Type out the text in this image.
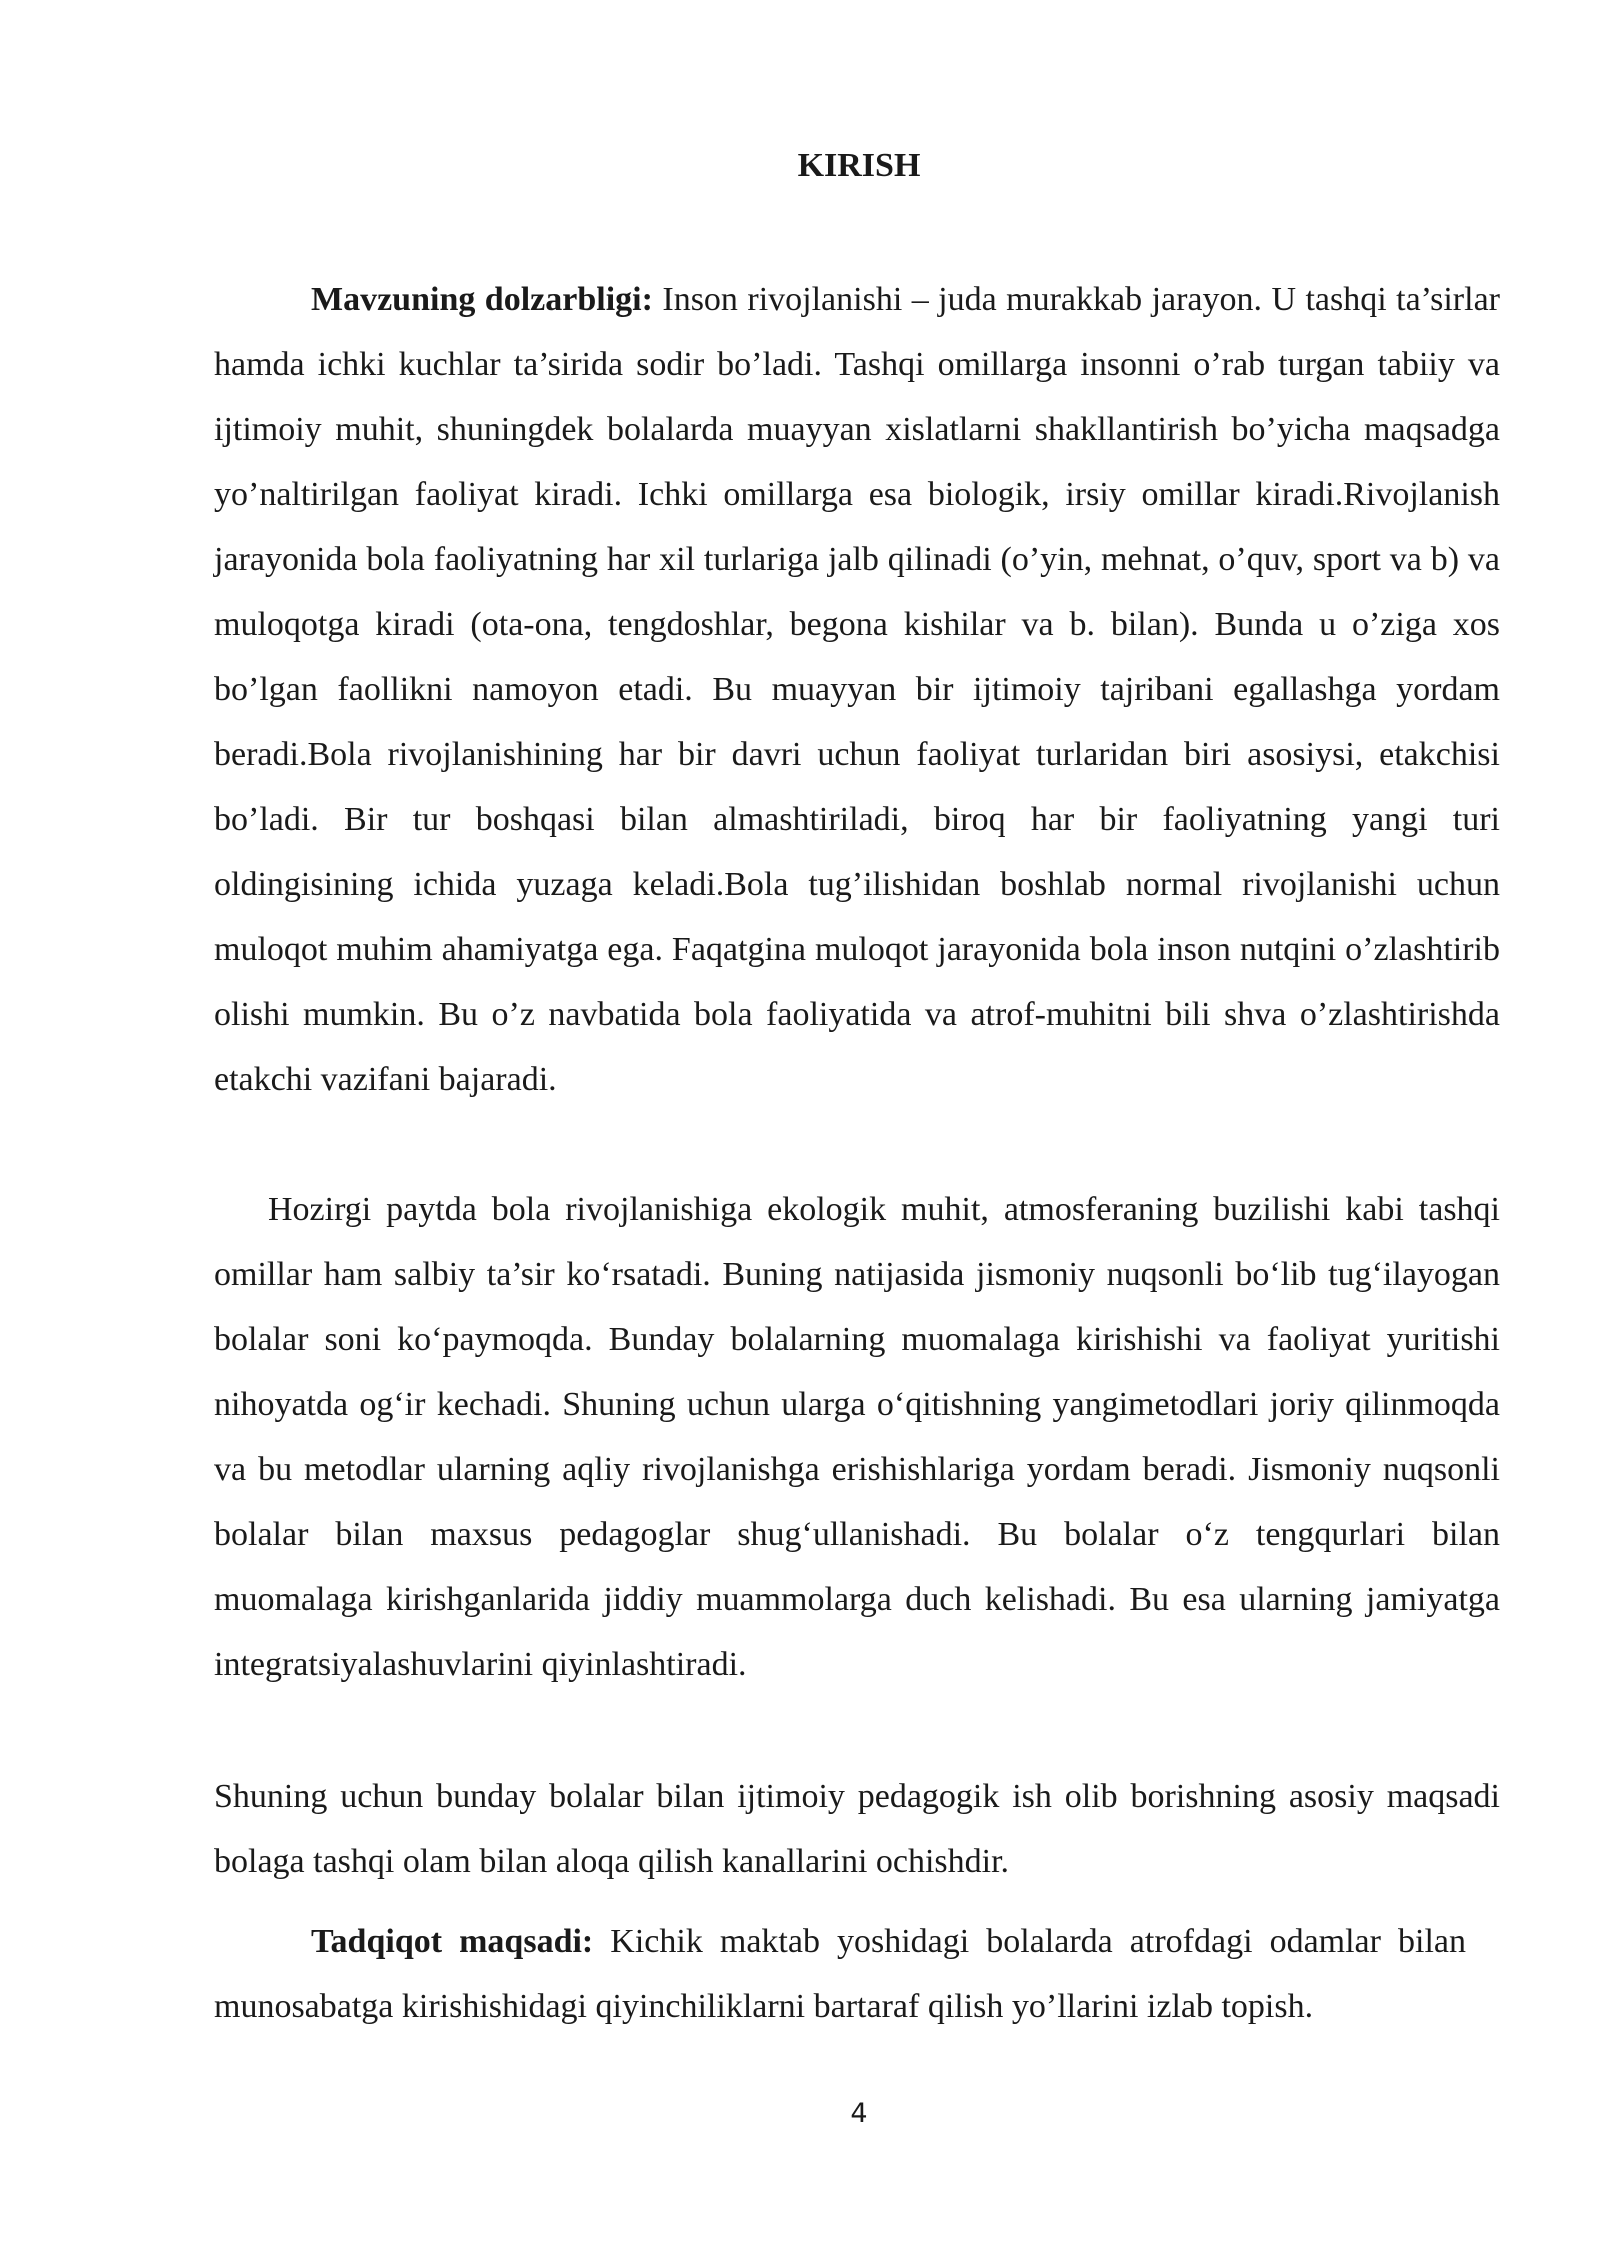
KIRISH

Mavzuning dolzarbligi: Inson rivojlanishi – juda murakkab jarayon. U tashqi ta’sirlar hamda ichki kuchlar ta’sirida sodir bo’ladi. Tashqi omillarga insonni o’rab turgan tabiiy va ijtimoiy muhit, shuningdek bolalarda muayyan xislatlarni shakllantirish bo’yicha maqsadga yo’naltirilgan faoliyat kiradi. Ichki omillarga esa biologik, irsiy omillar kiradi.Rivojlanish jarayonida bola faoliyatning har xil turlariga jalb qilinadi (o’yin, mehnat, o’quv, sport va b) va muloqotga kiradi (ota-ona, tengdoshlar, begona kishilar va b. bilan). Bunda u o’ziga xos bo’lgan faollikni namoyon etadi. Bu muayyan bir ijtimoiy tajribani egallashga yordam beradi.Bola rivojlanishining har bir davri uchun faoliyat turlaridan biri asosiysi, etakchisi bo’ladi. Bir tur boshqasi bilan almashtiriladi, biroq har bir faoliyatning yangi turi oldingisining ichida yuzaga keladi.Bola tug’ilishidan boshlab normal rivojlanishi uchun muloqot muhim ahamiyatga ega. Faqatgina muloqot jarayonida bola inson nutqini o’zlashtirib olishi mumkin. Bu o’z navbatida bola faoliyatida va atrof-muhitni bili shva o’zlashtirishda etakchi vazifani bajaradi.

Hozirgi paytda bola rivojlanishiga ekologik muhit, atmosferaning buzilishi kabi tashqi omillar ham salbiy ta’sir ko‘rsatadi. Buning natijasida jismoniy nuqsonli bo‘lib tug‘ilayogan bolalar soni ko‘paymoqda. Bunday bolalarning muomalaga kirishishi va faoliyat yuritishi nihoyatda og‘ir kechadi. Shuning uchun ularga o‘qitishning yangimetodlari joriy qilinmoqda va bu metodlar ularning aqliy rivojlanishga erishishlariga yordam beradi. Jismoniy nuqsonli bolalar bilan maxsus pedagoglar shug‘ullanishadi. Bu bolalar o‘z tengqurlari bilan muomalaga kirishganlarida jiddiy muammolarga duch kelishadi. Bu esa ularning jamiyatga integratsiyalashuvlarini qiyinlashtiradi.

Shuning uchun bunday bolalar bilan ijtimoiy pedagogik ish olib borishning asosiy maqsadi bolaga tashqi olam bilan aloqa qilish kanallarini ochishdir.

Tadqiqot maqsadi: Kichik maktab yoshidagi bolalarda atrofdagi odamlar bilan munosabatga kirishishidagi qiyinchiliklarni bartaraf qilish yo’llarini izlab topish.

4
